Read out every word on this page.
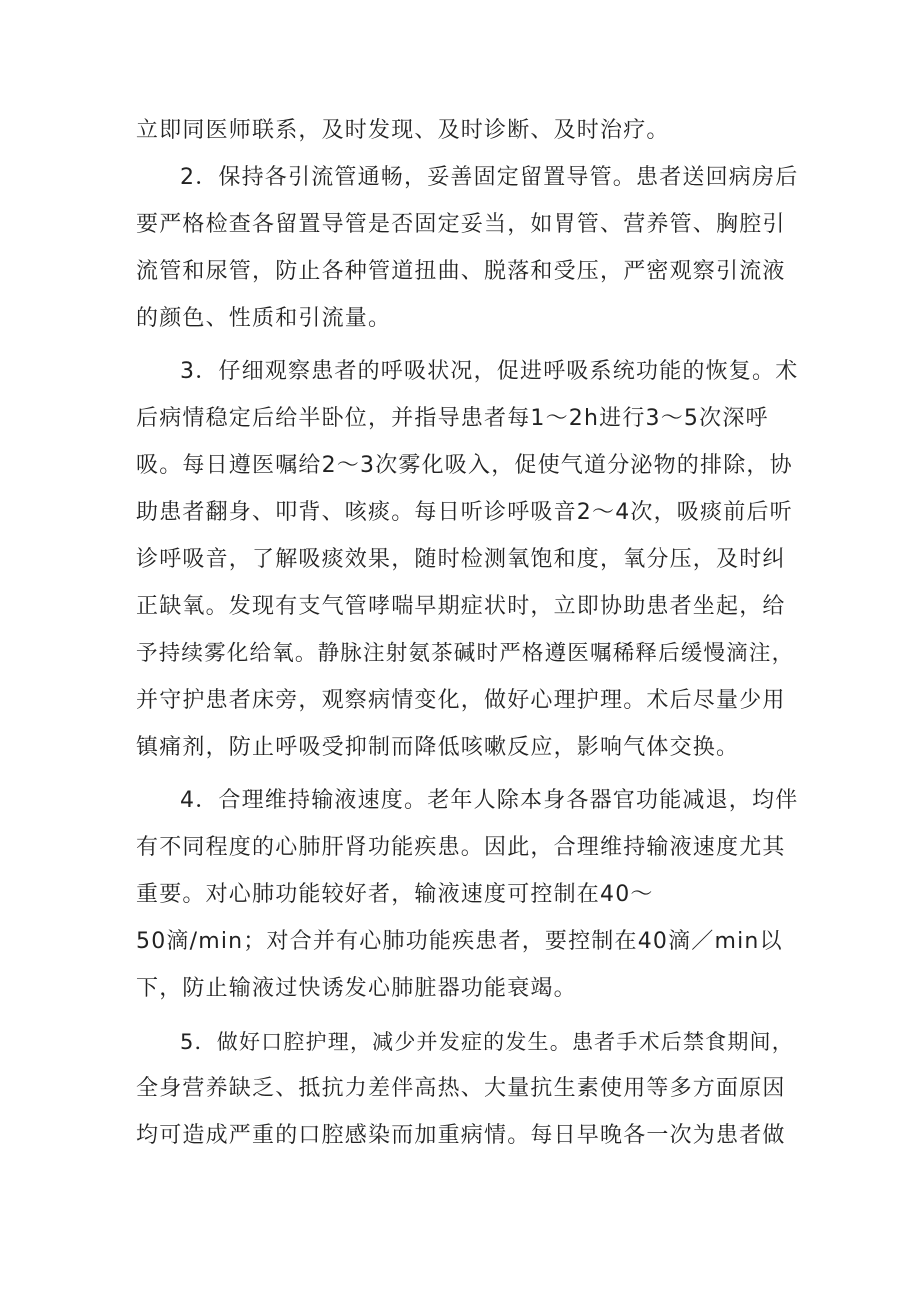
立即同医师联系，及时发现、及时诊断、及时治疗。
2．保持各引流管通畅，妥善固定留置导管。患者送回病房后
要严格检查各留置导管是否固定妥当，如胃管、营养管、胸腔引
流管和尿管，防止各种管道扭曲、脱落和受压，严密观察引流液
的颜色、性质和引流量。
3．仔细观察患者的呼吸状况，促进呼吸系统功能的恢复。术
后病情稳定后给半卧位，并指导患者每1～2h进行3～5次深呼
吸。每日遵医嘱给2～3次雾化吸入，促使气道分泌物的排除，协
助患者翻身、叩背、咳痰。每日听诊呼吸音2～4次，吸痰前后听
诊呼吸音，了解吸痰效果，随时检测氧饱和度，氧分压，及时纠
正缺氧。发现有支气管哮喘早期症状时，立即协助患者坐起，给
予持续雾化给氧。静脉注射氨茶碱时严格遵医嘱稀释后缓慢滴注，
并守护患者床旁，观察病情变化，做好心理护理。术后尽量少用
镇痛剂，防止呼吸受抑制而降低咳嗽反应，影响气体交换。
4．合理维持输液速度。老年人除本身各器官功能减退，均伴
有不同程度的心肺肝肾功能疾患。因此，合理维持输液速度尤其
重要。对心肺功能较好者，输液速度可控制在40～
50滴/min；对合并有心肺功能疾患者，要控制在40滴／min以
下，防止输液过快诱发心肺脏器功能衰竭。
5．做好口腔护理，减少并发症的发生。患者手术后禁食期间，
全身营养缺乏、抵抗力差伴高热、大量抗生素使用等多方面原因
均可造成严重的口腔感染而加重病情。每日早晚各一次为患者做
